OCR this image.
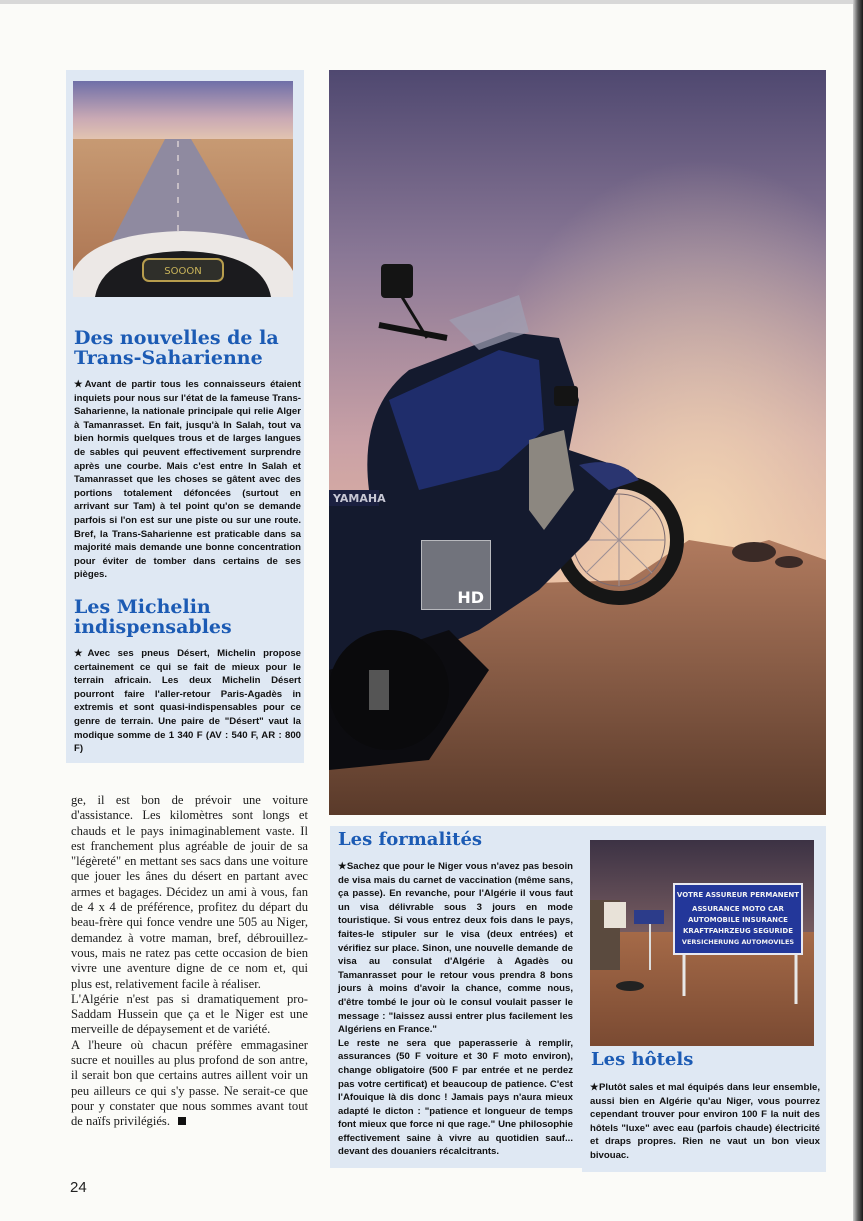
SOOON
Des nouvelles de la Trans-Saharienne

★Avant de partir tous les connaisseurs étaient inquiets pour nous sur l'état de la fameuse Trans-Saharienne, la nationale principale qui relie Alger à Tamanrasset. En fait, jusqu'à In Salah, tout va bien hormis quelques trous et de larges langues de sables qui peuvent effectivement surprendre après une courbe. Mais c'est entre In Salah et Tamanrasset que les choses se gâtent avec des portions totalement défoncées (surtout en arrivant sur Tam) à tel point qu'on se demande parfois si l'on est sur une piste ou sur une route. Bref, la Trans-Saharienne est praticable dans sa majorité mais demande une bonne concentration pour éviter de tomber dans certains de ses pièges.

Les Michelin indispensables

★Avec ses pneus Désert, Michelin propose certainement ce qui se fait de mieux pour le terrain africain. Les deux Michelin Désert pourront faire l'aller-retour Paris-Agadès in extremis et sont quasi-indispensables pour ce genre de terrain. Une paire de "Désert" vaut la modique somme de 1 340 F (AV : 540 F, AR : 800 F)

YAMAHA
HD
ge, il est bon de prévoir une voiture d'assistance. Les kilomètres sont longs et chauds et le pays inimaginablement vaste. Il est franchement plus agréable de jouir de sa "légèreté" en mettant ses sacs dans une voiture que jouer les ânes du désert en partant avec armes et bagages. Décidez un ami à vous, fan de 4 x 4 de préférence, profitez du départ du beau-frère qui fonce vendre une 505 au Niger, demandez à votre maman, bref, débrouillez-vous, mais ne ratez pas cette occasion de bien vivre une aventure digne de ce nom et, qui plus est, relativement facile à réaliser.
L'Algérie n'est pas si dramatiquement pro-Saddam Hussein que ça et le Niger est une merveille de dépaysement et de variété.
A l'heure où chacun préfère emmagasiner sucre et nouilles au plus profond de son antre, il serait bon que certains autres aillent voir un peu ailleurs ce qui s'y passe. Ne serait-ce que pour y constater que nous sommes avant tout de naïfs privilégiés.
Les formalités
★Sachez que pour le Niger vous n'avez pas besoin de visa mais du carnet de vaccination (même sans, ça passe). En revanche, pour l'Algérie il vous faut un visa délivrable sous 3 jours en mode touristique. Si vous entrez deux fois dans le pays, faites-le stipuler sur le visa (deux entrées) et vérifiez sur place. Sinon, une nouvelle demande de visa au consulat d'Algérie à Agadès ou Tamanrasset pour le retour vous prendra 8 bons jours à moins d'avoir la chance, comme nous, d'être tombé le jour où le consul voulait passer le message : "laissez aussi entrer plus facilement les Algériens en France."
Le reste ne sera que paperasserie à remplir, assurances (50 F voiture et 30 F moto environ), change obligatoire (500 F par entrée et ne perdez pas votre certificat) et beaucoup de patience. C'est l'Afouique là dis donc ! Jamais pays n'aura mieux adapté le dicton : "patience et longueur de temps font mieux que force ni que rage." Une philosophie effectivement saine à vivre au quotidien sauf... devant des douaniers récalcitrants.
VOTRE ASSUREUR PERMANENT
ASSURANCE MOTO CAR
AUTOMOBILE INSURANCE
KRAFTFAHRZEUG SEGURIDE
VERSICHERUNG AUTOMOVILES
Les hôtels

★Plutôt sales et mal équipés dans leur ensemble, aussi bien en Algérie qu'au Niger, vous pourrez cependant trouver pour environ 100 F la nuit des hôtels "luxe" avec eau (parfois chaude) électricité et draps propres. Rien ne vaut un bon vieux bivouac.

24
